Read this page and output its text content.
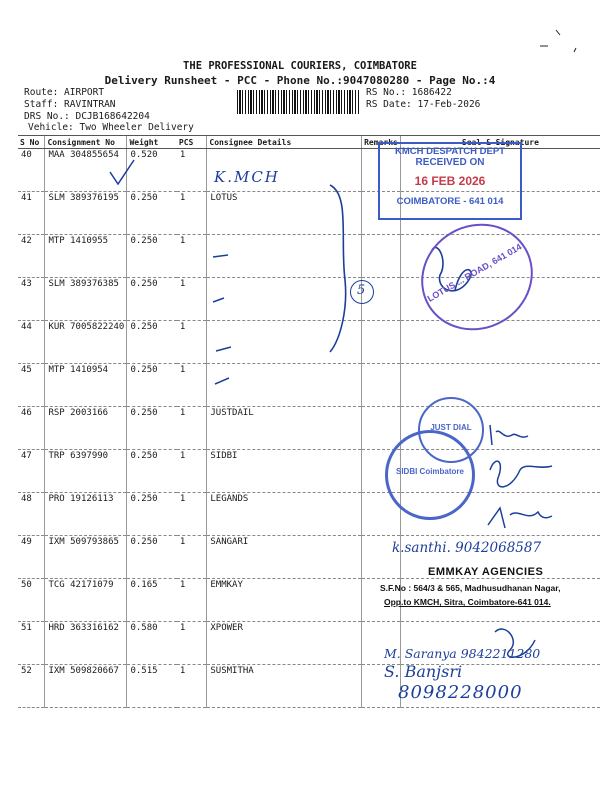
THE PROFESSIONAL COURIERS, COIMBATORE
Delivery Runsheet - PCC - Phone No.:9047080280 - Page No.:4
Route: AIRPORT
Staff: RAVINTRAN
DRS No.: DCJB168642204
Vehicle: Two Wheeler Delivery
RS No.: 1686422
RS Date: 17-Feb-2026
S No	Consignment No	Weight	PCS	Consignee Details	Remarks	Seal & Signature
40	MAA 304855654	0.520	1			
41	SLM 389376195	0.250	1	LOTUS		
42	MTP 1410955	0.250	1			
43	SLM 389376385	0.250	1			
44	KUR 7005822240	0.250	1			
45	MTP 1410954	0.250	1			
46	RSP 2003166	0.250	1	JUSTDAIL		
47	TRP 6397990	0.250	1	SIDBI		
48	PRO 19126113	0.250	1	LEGANDS		
49	IXM 509793865	0.250	1	SANGARI		
50	TCG 42171079	0.165	1	EMMKAY		
51	HRD 363316162	0.580	1	XPOWER		
52	IXM 509820667	0.515	1	SUSMITHA		
K.MCH
5
k.santhi. 9042068587
M. Saranya 9842211280
S. Banjsri
8098228000
KMCH DESPATCH DEPT
RECEIVED ON
16 FEB 2026
COIMBATORE - 641 014
LOTUS ... ROAD, 641 014
JUST DIAL
SIDBI Coimbatore
EMMKAY AGENCIES
S.F.No : 564/3 & 565, Madhusudhanan Nagar,
Opp.to KMCH, Sitra, Coimbatore-641 014.
